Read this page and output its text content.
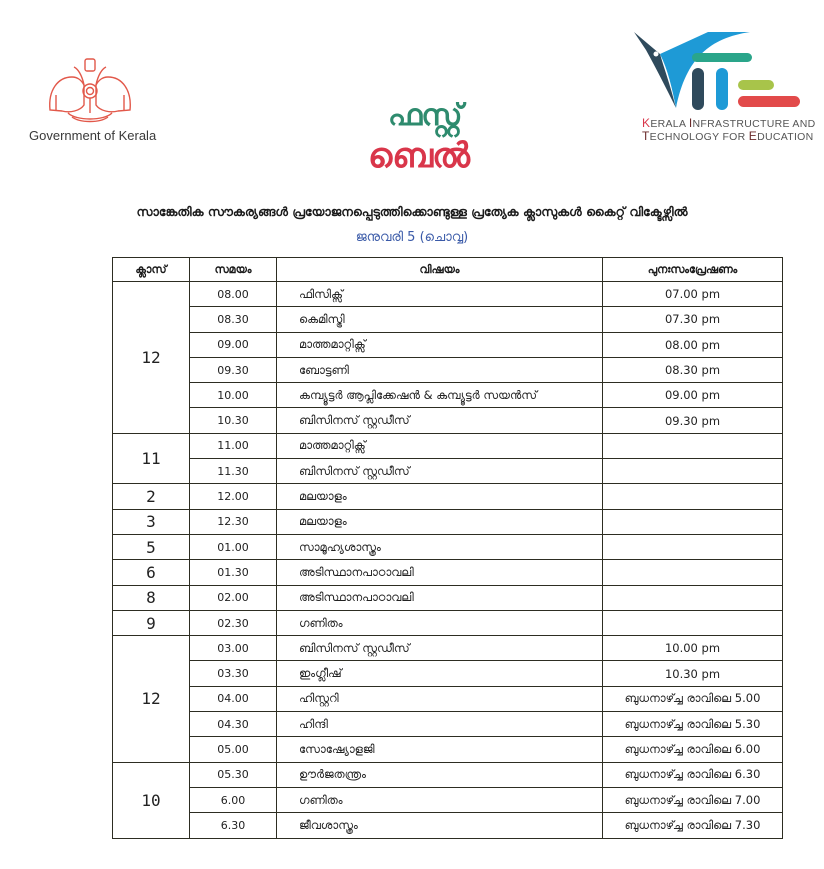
Government of Kerala
ഫസ്റ്റ്
ബെൽ
KERALA INFRASTRUCTURE AND
TECHNOLOGY FOR EDUCATION
സാങ്കേതിക സൗകര്യങ്ങൾ പ്രയോജനപ്പെടുത്തിക്കൊണ്ടുള്ള പ്രത്യേക ക്ലാസുകൾ കൈറ്റ് വിക്ടേഴ്സിൽ
ജനുവരി 5 (ചൊവ്വ)
ക്ലാസ്	സമയം	വിഷയം	പുനഃസംപ്രേഷണം
12	08.00	ഫിസിക്സ്	07.00 pm
	08.30	കെമിസ്ട്രി	07.30 pm
	09.00	മാത്തമാറ്റിക്സ്	08.00 pm
	09.30	ബോട്ടണി	08.30 pm
	10.00	കമ്പ്യൂട്ടർ ആപ്ലിക്കേഷൻ & കമ്പ്യൂട്ടർ സയൻസ്	09.00 pm
	10.30	ബിസിനസ് സ്റ്റഡീസ്	09.30 pm
11	11.00	മാത്തമാറ്റിക്സ്	
	11.30	ബിസിനസ് സ്റ്റഡീസ്	
2	12.00	മലയാളം	
3	12.30	മലയാളം	
5	01.00	സാമൂഹ്യശാസ്ത്രം	
6	01.30	അടിസ്ഥാനപാഠാവലി	
8	02.00	അടിസ്ഥാനപാഠാവലി	
9	02.30	ഗണിതം	
12	03.00	ബിസിനസ് സ്റ്റഡീസ്	10.00 pm
	03.30	ഇംഗ്ലീഷ്	10.30 pm
	04.00	ഹിസ്റ്ററി	ബുധനാഴ്ച്ച രാവിലെ 5.00
	04.30	ഹിന്ദി	ബുധനാഴ്ച്ച രാവിലെ 5.30
	05.00	സോഷ്യോളജി	ബുധനാഴ്ച്ച രാവിലെ 6.00
10	05.30	ഊർജതന്ത്രം	ബുധനാഴ്ച്ച രാവിലെ 6.30
	6.00	ഗണിതം	ബുധനാഴ്ച്ച രാവിലെ 7.00
	6.30	ജീവശാസ്ത്രം	ബുധനാഴ്ച്ച രാവിലെ 7.30
